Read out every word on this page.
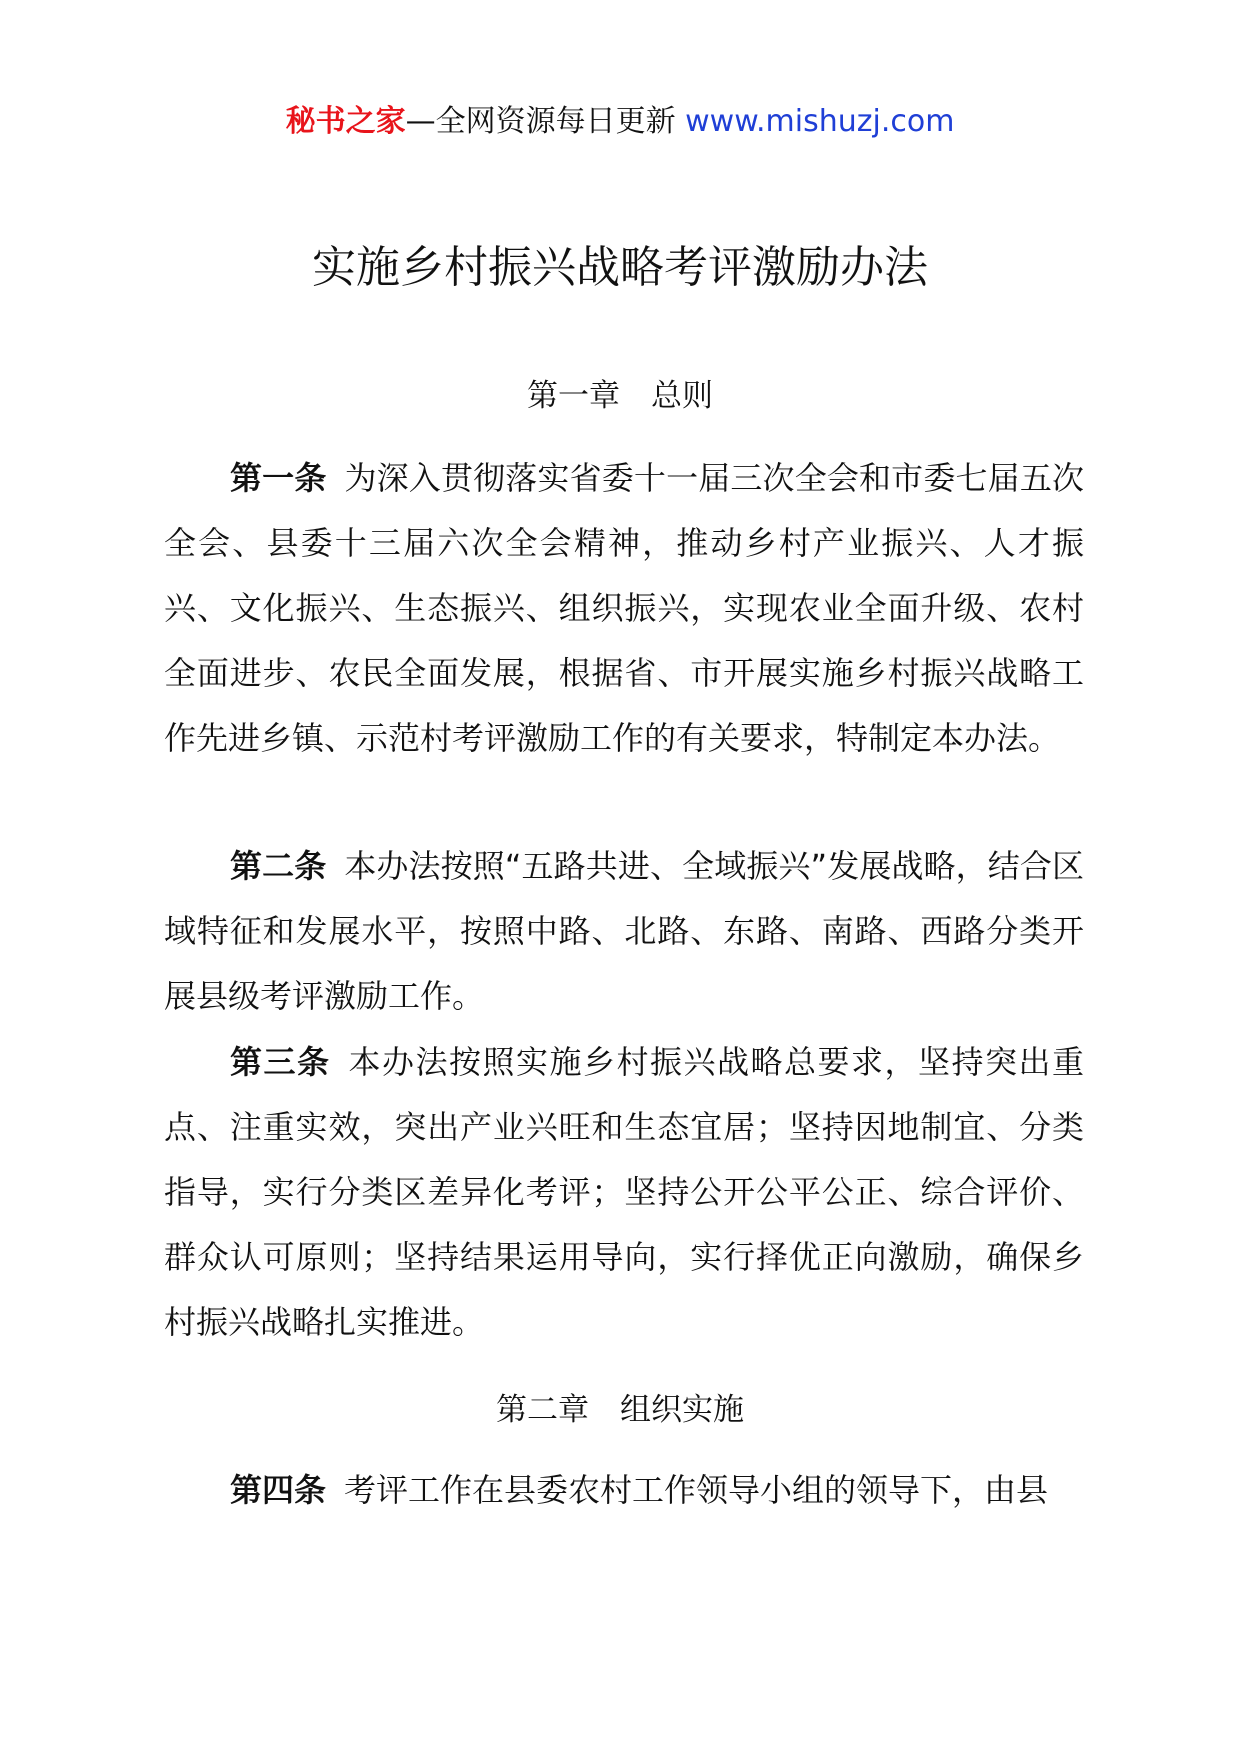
秘书之家—全网资源每日更新 www.mishuzj.com
实施乡村振兴战略考评激励办法
第一章 总则

第一条 为深入贯彻落实省委十一届三次全会和市委七届五次全会、县委十三届六次全会精神，推动乡村产业振兴、人才振兴、文化振兴、生态振兴、组织振兴，实现农业全面升级、农村全面进步、农民全面发展，根据省、市开展实施乡村振兴战略工作先进乡镇、示范村考评激励工作的有关要求，特制定本办法。

第二条 本办法按照“五路共进、全域振兴”发展战略，结合区域特征和发展水平，按照中路、北路、东路、南路、西路分类开展县级考评激励工作。

第三条 本办法按照实施乡村振兴战略总要求，坚持突出重点、注重实效，突出产业兴旺和生态宜居；坚持因地制宜、分类指导，实行分类区差异化考评；坚持公开公平公正、综合评价、群众认可原则；坚持结果运用导向，实行择优正向激励，确保乡村振兴战略扎实推进。

第二章 组织实施

第四条 考评工作在县委农村工作领导小组的领导下，由县
